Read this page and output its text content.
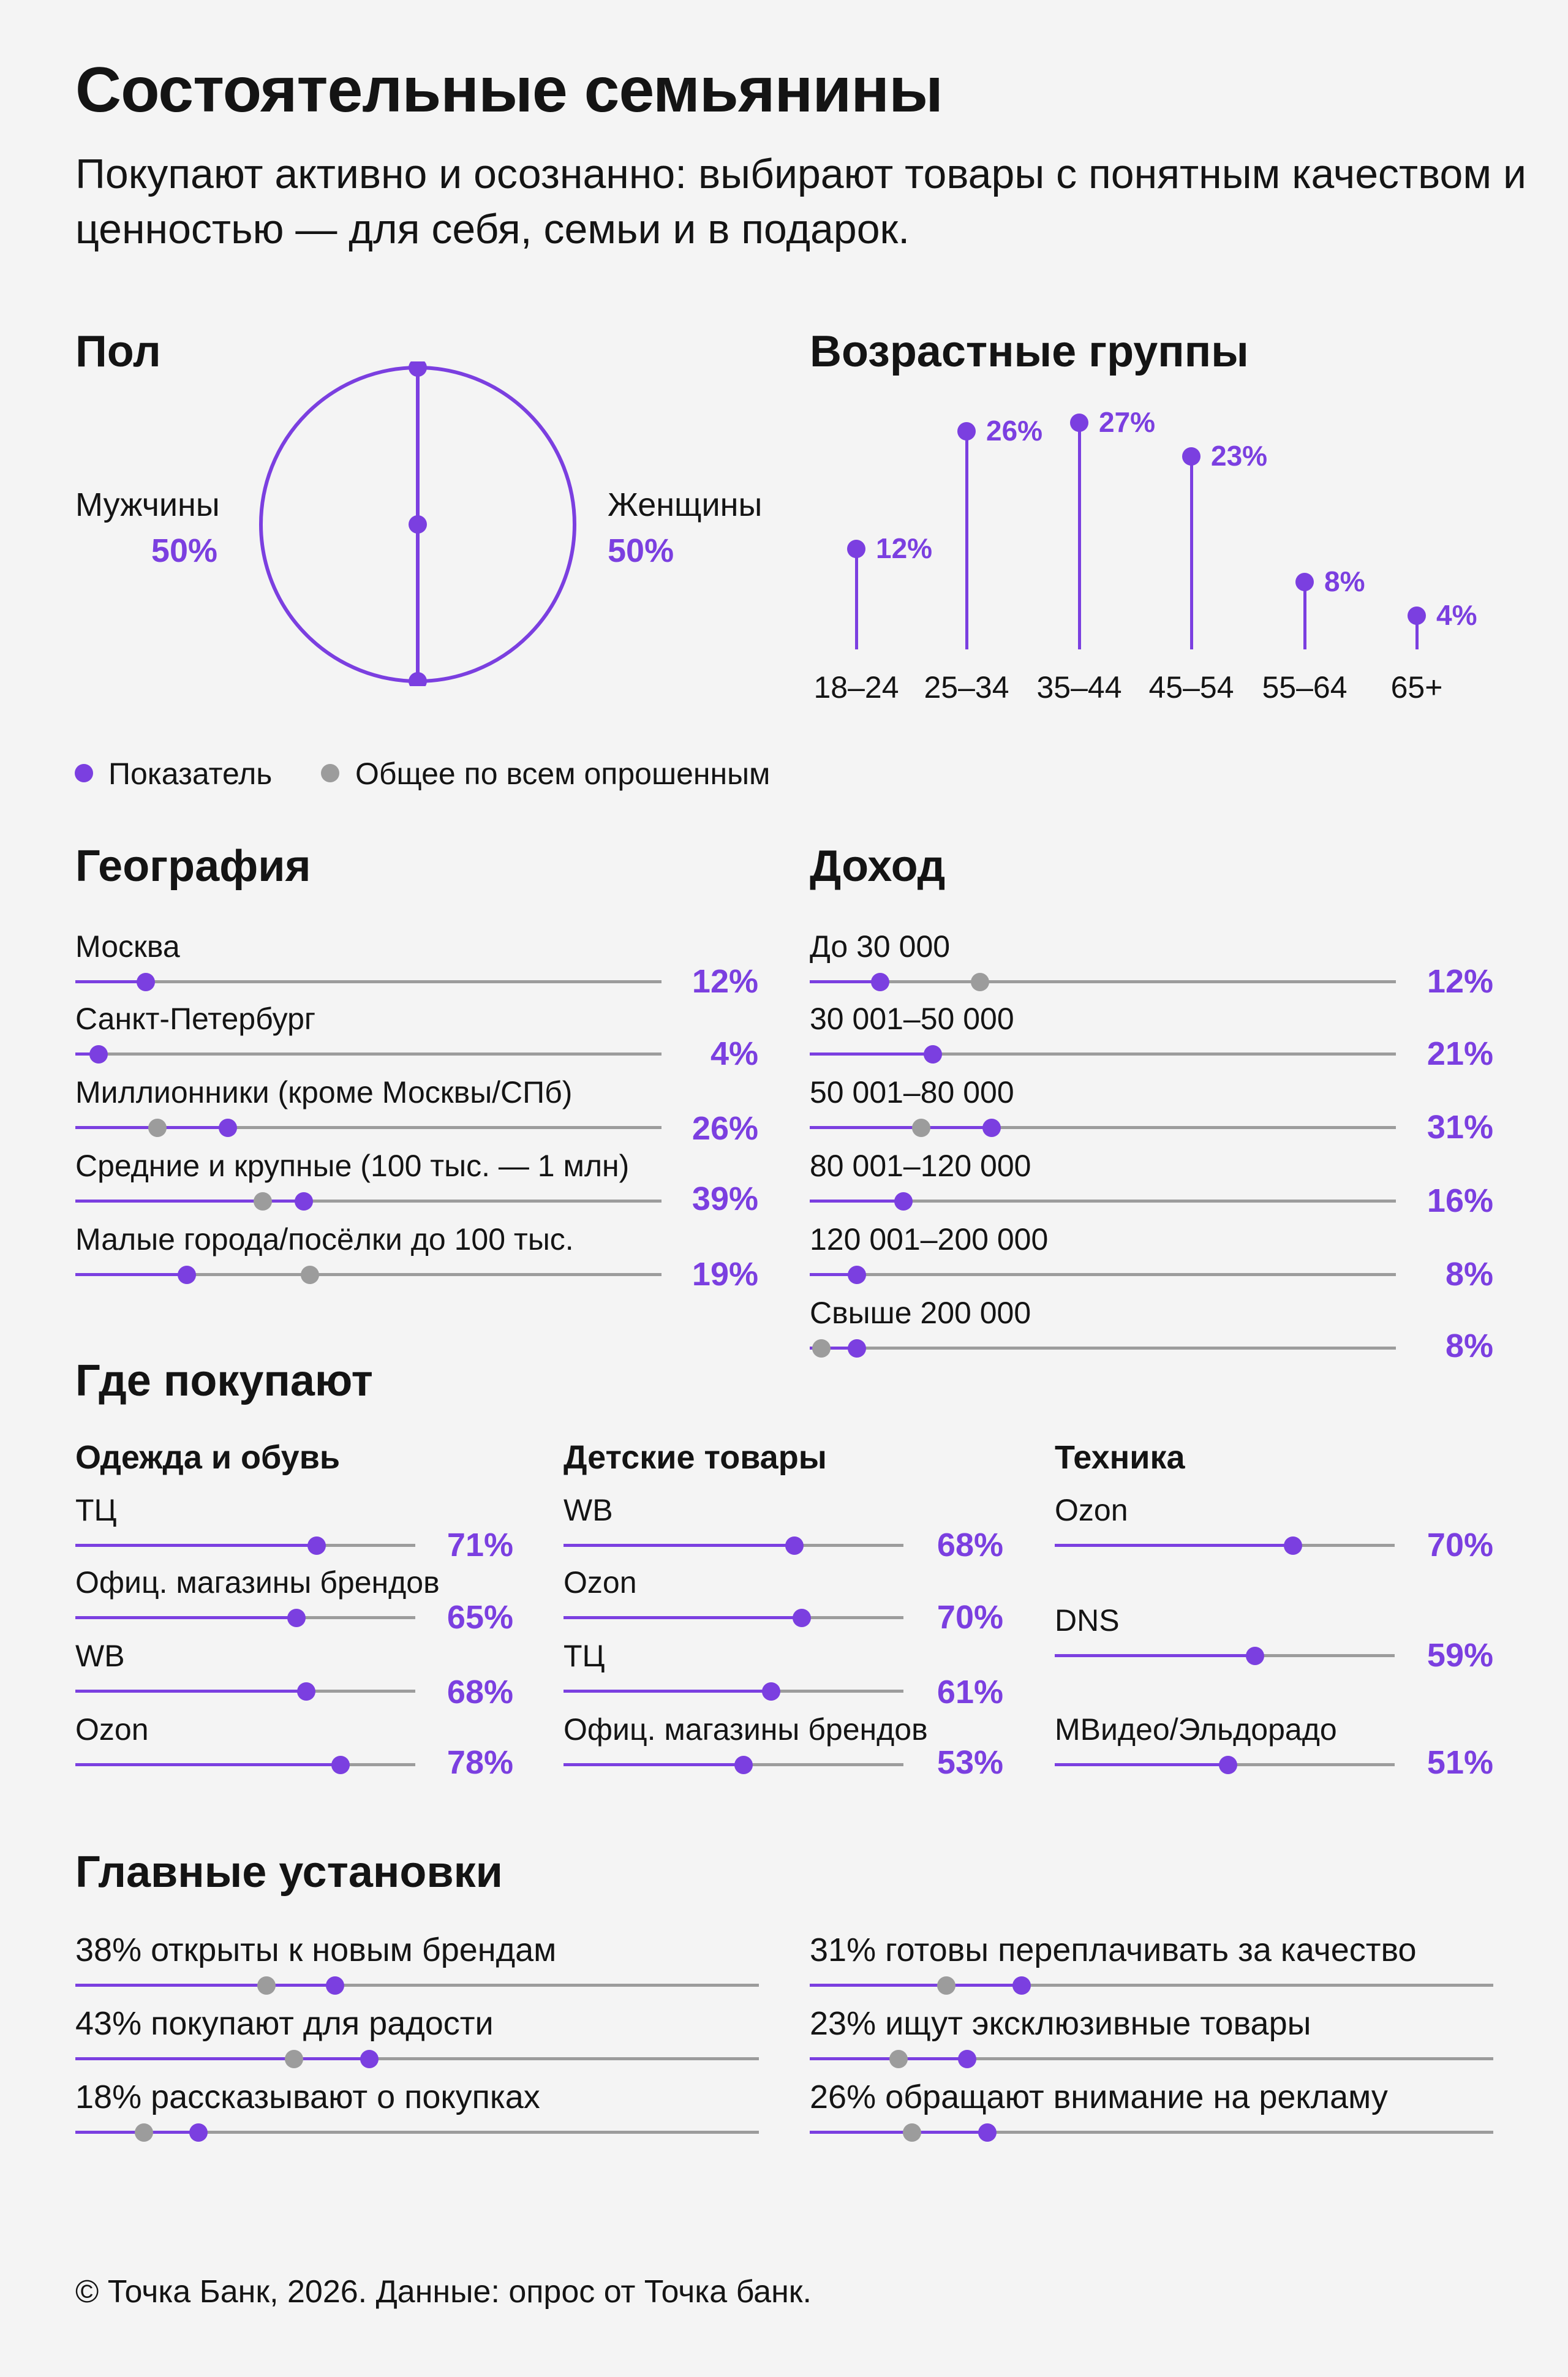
Состоятельные семьянины
Покупают активно и осознанно: выбирают товары с понятным качеством и ценностью — для себя, семьи и в подарок.
Пол
Мужчины
50%
Женщины
50%
Возрастные группы
12%
18–24
26%
25–34
27%
35–44
23%
45–54
8%
55–64
4%
65+
Показатель	Общее по всем опрошенным
География
Москва
12%
Санкт-Петербург
4%
Миллионники (кроме Москвы/СПб)
26%
Средние и крупные (100 тыс. — 1 млн)
39%
Малые города/посёлки до 100 тыс.
19%
Доход
До 30 000
12%
30 001–50 000
21%
50 001–80 000
31%
80 001–120 000
16%
120 001–200 000
8%
Свыше 200 000
8%
Где покупают
Одежда и обувь	Детские товары	Техника
ТЦ
71%
Офиц. магазины брендов
65%
WB
68%
Ozon
78%
WB
68%
Ozon
70%
ТЦ
61%
Офиц. магазины брендов
53%
Ozon
70%
DNS
59%
МВидео/Эльдорадо
51%
Главные установки
38% открыты к новым брендам
43% покупают для радости
18% рассказывают о покупках
31% готовы переплачивать за качество
23% ищут эксклюзивные товары
26% обращают внимание на рекламу
© Точка Банк, 2026. Данные: опрос от Точка банк.
